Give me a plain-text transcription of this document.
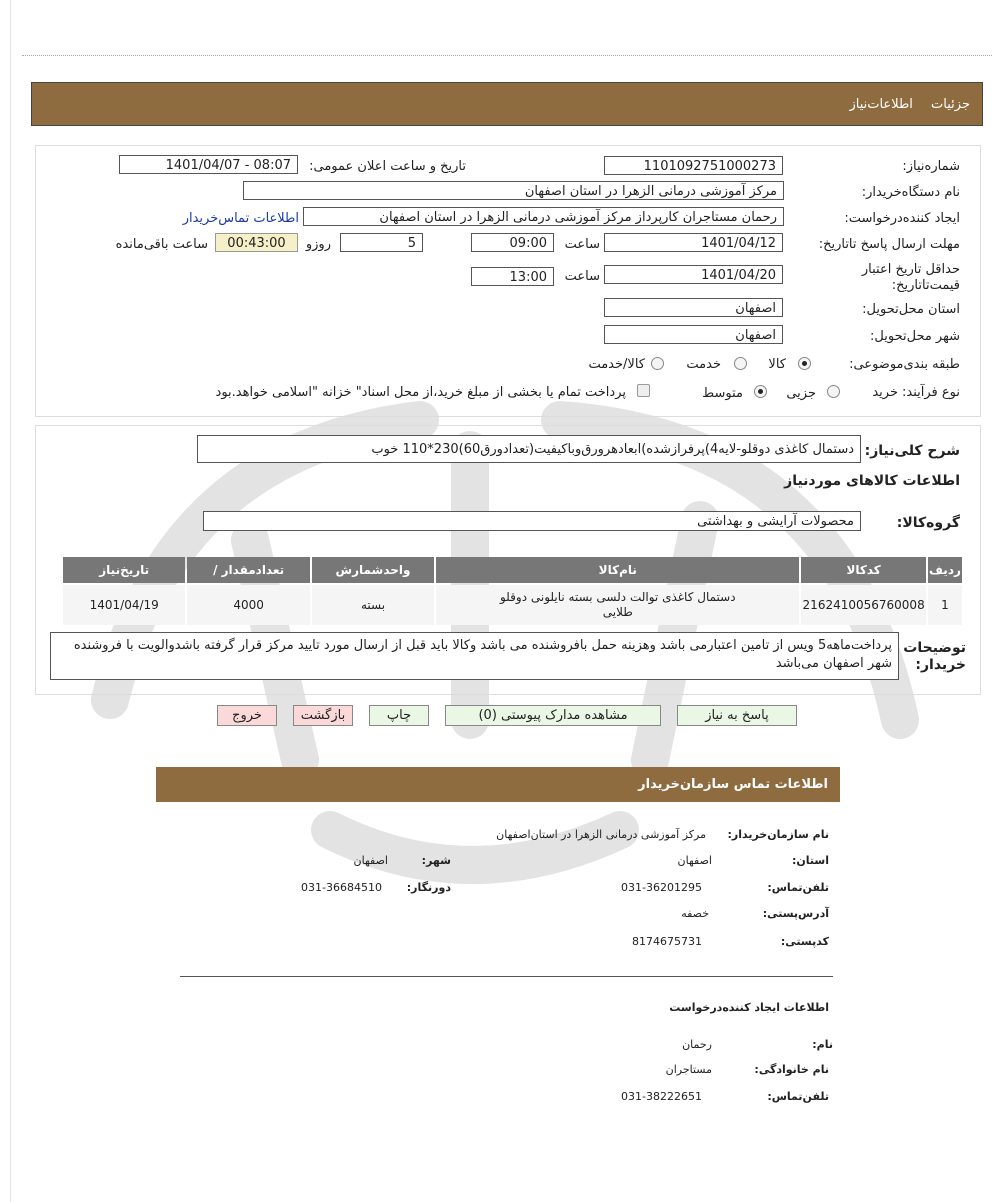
جزئیات اطلاعات‌نیاز
شماره‌نیاز:
1101092751000273
تاریخ و ساعت اعلان عمومی:
1401/04/07 - 08:07
نام دستگاه‌خریدار:
مرکز آموزشی درمانی الزهرا در استان اصفهان
ایجاد کننده‌درخواست:
رحمان مستاجران کارپرداز مرکز آموزشی درمانی الزهرا در استان اصفهان
اطلاعات تماس‌خریدار
مهلت ارسال پاسخ تا‌تاریخ:
1401/04/12
ساعت
09:00
5
روزو
00:43:00
ساعت باقی‌مانده
حداقل تاریخ اعتبار قیمت‌تا‌تاریخ:
1401/04/20
ساعت
13:00
استان محل‌تحویل:
اصفهان
شهر محل‌تحویل:
اصفهان
طبقه بندی‌موضوعی:
کالا
خدمت
کالا/خدمت
نوع فرآیند:
خرید
جزیی
متوسط
پرداخت تمام یا بخشی از مبلغ خرید،از محل اسناد" خزانه "اسلامی خواهد.بود
شرح کلی‌نیاز:
دستمال کاغذی دوقلو-لایه4)پرفرازشده)ابعادهرورق‌وباکیفیت(تعدادورق60)230*110 خوب
اطلاعات کالاهای موردنیاز
گروه‌کالا:
محصولات آرایشی و بهداشتی
ردیف	کدکالا	نام‌کالا	واحدشمارش	تعدادمقدار /	تاریخ‌نیاز
1	2162410056760008	دستمال کاغذی توالت دلسی بسته نایلونی دوقلو طلایی	بسته	4000	1401/04/19
توضیحات خریدار:
پرداخت‌ماهه5 ویس از تامین اعتبارمی باشد وهزینه حمل بافروشنده می باشد وکالا باید قبل از ارسال مورد تایید مرکز قرار گرفته باشدوالویت با فروشنده شهر اصفهان می‌باشد
پاسخ به نیاز
مشاهده مدارک پیوستی (0)
چاپ
بازگشت
خروج
اطلاعات تماس سازمان‌خریدار
نام سازمان‌خریدار:
مرکز آموزشی درمانی الزهرا در استان‌اصفهان
استان:
اصفهان
شهر:
اصفهان
تلفن‌تماس:
031-36201295
دورنگار:
031-36684510
آدرس‌پستی:
خصفه
کدپستی:
8174675731
اطلاعات ایجاد کننده‌درخواست
نام:
رحمان
نام خانوادگی:
مستاجران
تلفن‌تماس:
031-38222651
